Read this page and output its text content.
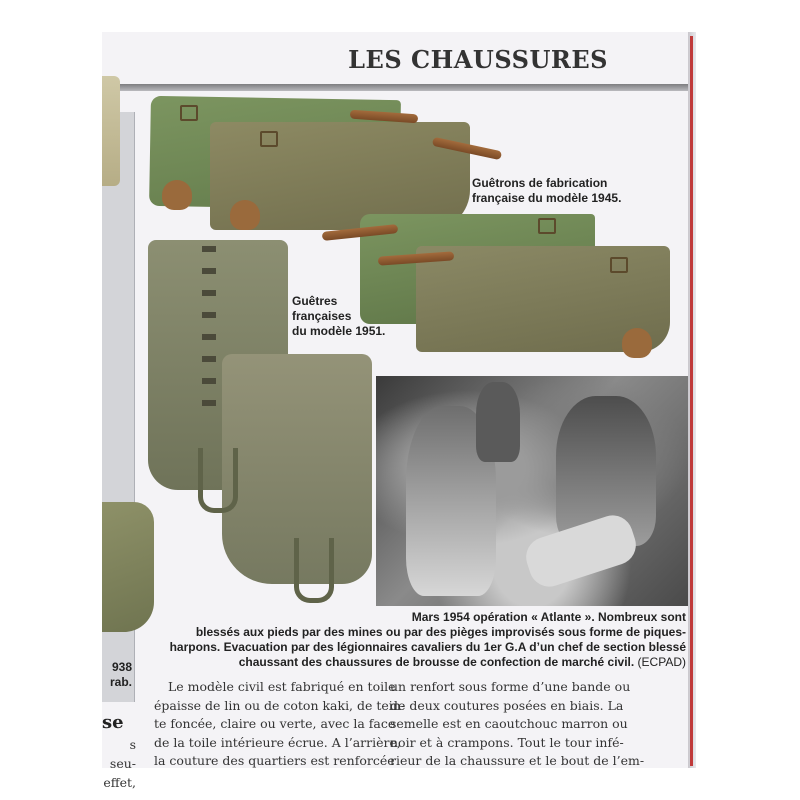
LES CHAUSSURES
938
rab.
se
s seu-
effet,
Guêtrons de fabrication
française du modèle 1945.
Guêtres
françaises
du modèle 1951.
Mars 1954 opération « Atlante ». Nombreux sont
blessés aux pieds par des mines ou par des pièges improvisés sous forme de piques-
harpons. Evacuation par des légionnaires cavaliers du 1er G.A d’un chef de section blessé
chaussant des chaussures de brousse de confection de marché civil. (ECPAD)
Le modèle civil est fabriqué en toile
épaisse de lin ou de coton kaki, de tein-
te foncée, claire ou verte, avec la face
de la toile intérieure écrue. A l’arrière,
la couture des quartiers est renforcée
un renfort sous forme d’une bande ou
de deux coutures posées en biais. La
semelle est en caoutchouc marron ou
noir et à crampons. Tout le tour infé-
rieur de la chaussure et le bout de l’em-
